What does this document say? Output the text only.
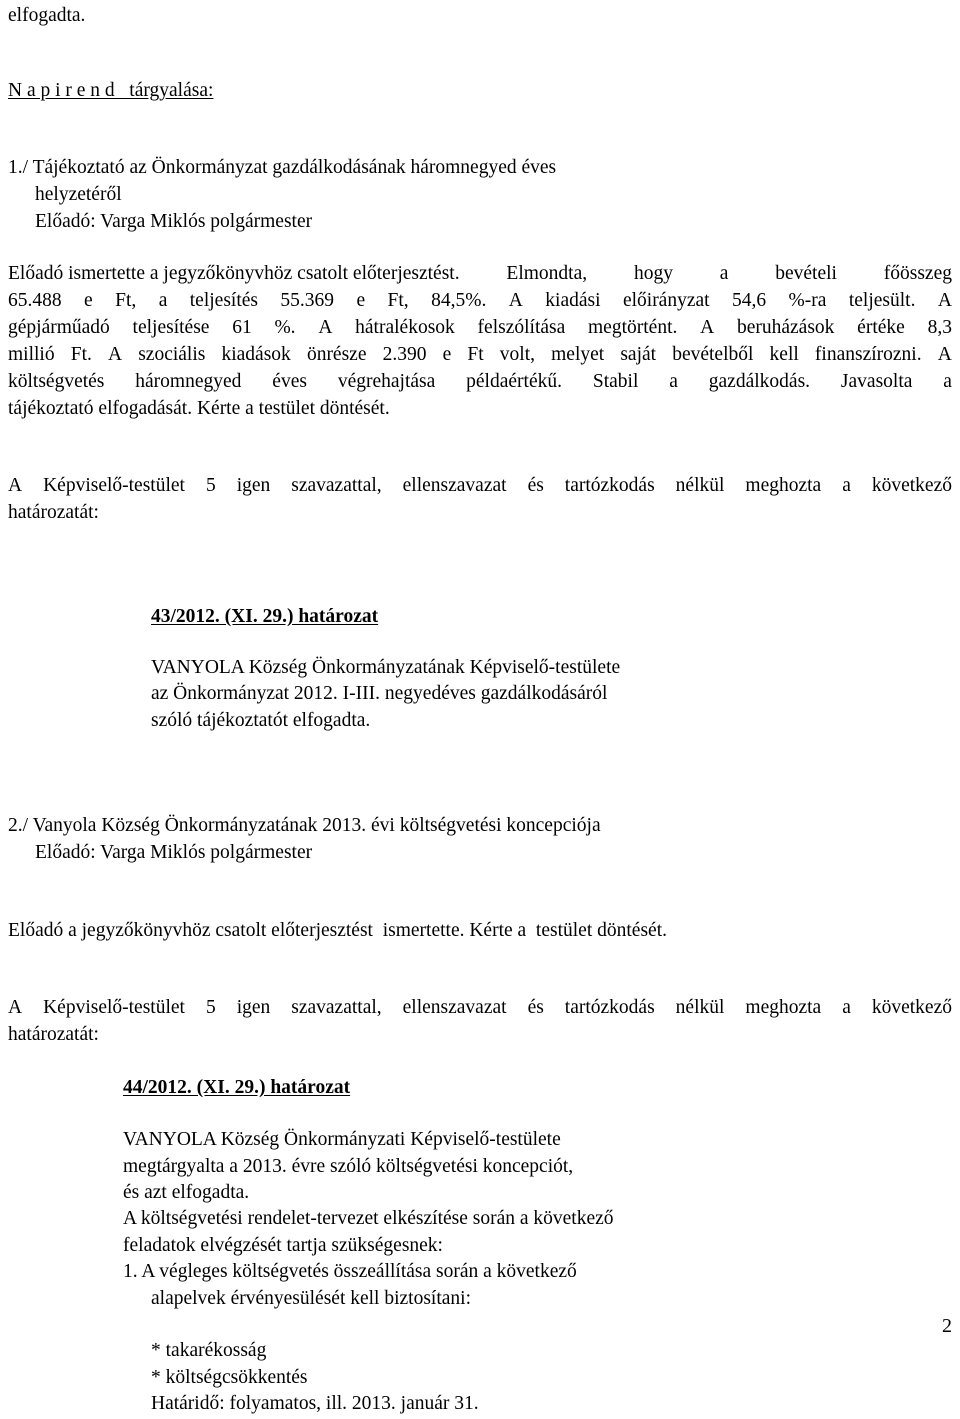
elfogadta.

N a p i r e n d   tárgyalása:

1./ Tájékoztató az Önkormányzat gazdálkodásának háromnegyed éves

helyzetéről

Előadó: Varga Miklós polgármester

Előadó ismertette a jegyzőkönyvhöz csatolt előterjesztést. Elmondta, hogy a bevételi főösszeg
65.488 e Ft, a teljesítés 55.369 e Ft, 84,5%. A kiadási előirányzat 54,6 %-ra teljesült. A
gépjárműadó teljesítése 61 %. A hátralékosok felszólítása megtörtént. A beruházások értéke 8,3
millió Ft. A szociális kiadások önrésze 2.390 e Ft volt, melyet saját bevételből kell finanszírozni. A
költségvetés háromnegyed éves végrehajtása példaértékű. Stabil a gazdálkodás. Javasolta a

tájékoztató elfogadását. Kérte a testület döntését.

A Képviselő-testület 5 igen szavazattal, ellenszavazat és tartózkodás nélkül meghozta a következő

határozatát:

43/2012. (XI. 29.) határozat

VANYOLA Község Önkormányzatának Képviselő-testülete

az Önkormányzat 2012. I-III. negyedéves gazdálkodásáról

szóló tájékoztatót elfogadta.

2./ Vanyola Község Önkormányzatának 2013. évi költségvetési koncepciója

Előadó: Varga Miklós polgármester

Előadó a jegyzőkönyvhöz csatolt előterjesztést  ismertette. Kérte a  testület döntését.

A Képviselő-testület 5 igen szavazattal, ellenszavazat és tartózkodás nélkül meghozta a következő

határozatát:

44/2012. (XI. 29.) határozat

VANYOLA Község Önkormányzati Képviselő-testülete

megtárgyalta a 2013. évre szóló költségvetési koncepciót,

és azt elfogadta.

A költségvetési rendelet-tervezet elkészítése során a következő

feladatok elvégzését tartja szükségesnek:

1. A végleges költségvetés összeállítása során a következő

alapelvek érvényesülését kell biztosítani:

* takarékosság

* költségcsökkentés

Határidő: folyamatos, ill. 2013. január 31.

2
